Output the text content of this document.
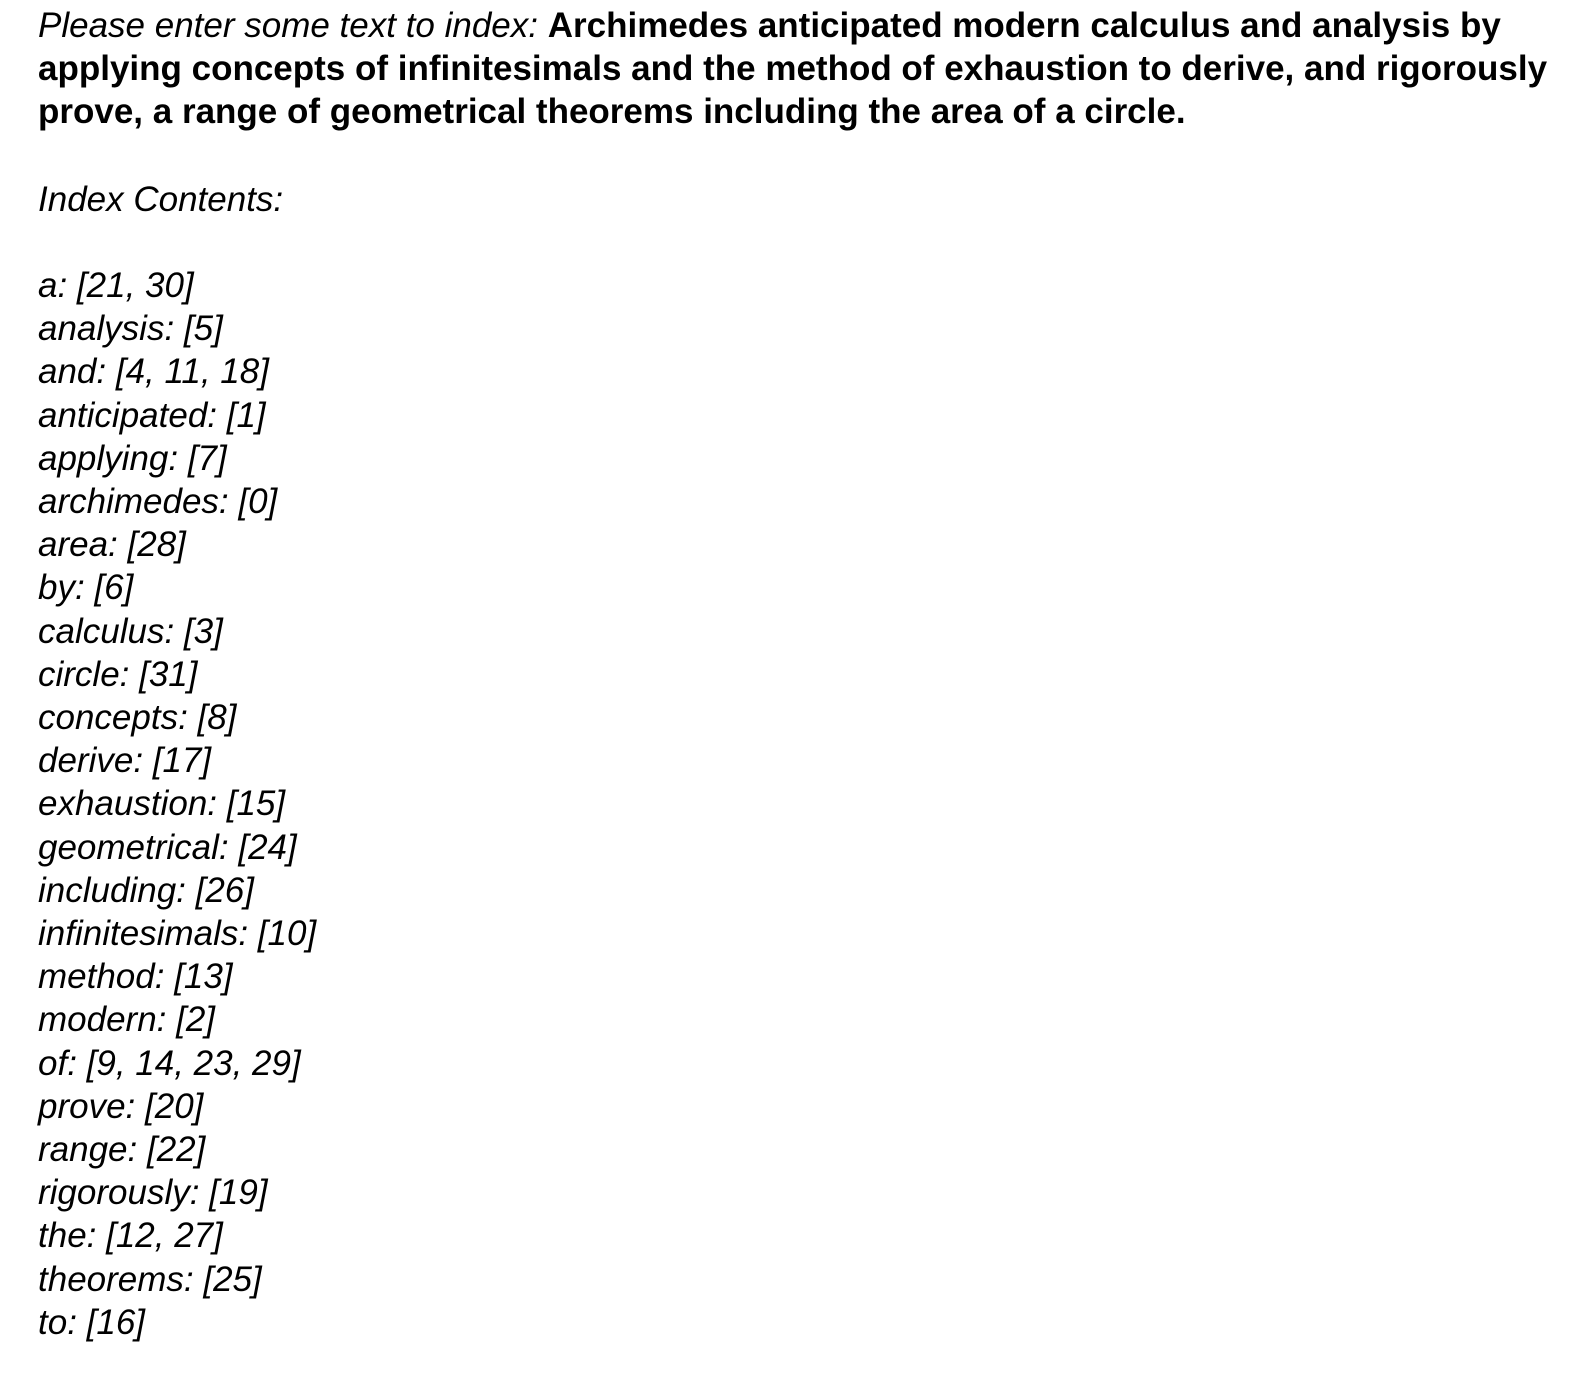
Please enter some text to index: Archimedes anticipated modern calculus and analysis by applying concepts of infinitesimals and the method of exhaustion to derive, and rigorously prove, a range of geometrical theorems including the area of a circle.

Index Contents:

a: [21, 30]
analysis: [5]
and: [4, 11, 18]
anticipated: [1]
applying: [7]
archimedes: [0]
area: [28]
by: [6]
calculus: [3]
circle: [31]
concepts: [8]
derive: [17]
exhaustion: [15]
geometrical: [24]
including: [26]
infinitesimals: [10]
method: [13]
modern: [2]
of: [9, 14, 23, 29]
prove: [20]
range: [22]
rigorously: [19]
the: [12, 27]
theorems: [25]
to: [16]
